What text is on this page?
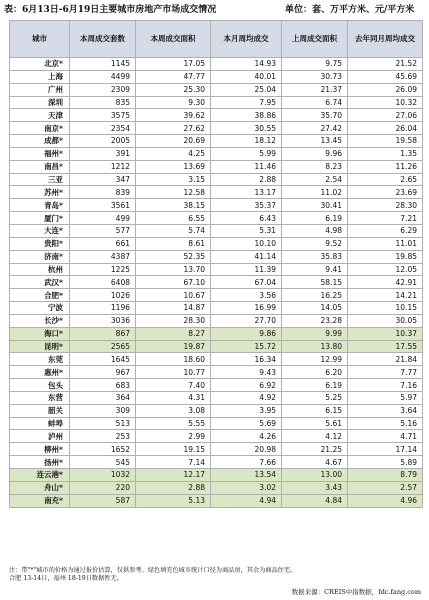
表：6月13日-6月19日主要城市房地产市场成交情况	单位：套、万平方米、元/平方米
城市	本周成交套数	本周成交面积	本月周均成交	上周成交面积	去年同月周均成交
北京*	1145	17.05	14.93	9.75	21.52
上海	4499	47.77	40.01	30.73	45.69
广州	2309	25.30	25.04	21.37	26.09
深圳	835	9.30	7.95	6.74	10.32
天津	3575	39.62	38.86	35.70	27.06
南京*	2354	27.62	30.55	27.42	26.04
成都*	2005	20.69	18.12	13.45	19.58
福州*	391	4.25	5.99	9.96	1.35
南昌*	1212	13.69	11.46	8.23	11.26
三亚	347	3.15	2.88	2.54	2.65
苏州*	839	12.58	13.17	11.02	23.69
青岛*	3561	38.15	35.37	30.41	28.30
厦门*	499	6.55	6.43	6.19	7.21
大连*	577	5.74	5.31	4.98	6.29
贵阳*	661	8.61	10.10	9.52	11.01
济南*	4387	52.35	41.14	35.83	19.85
杭州	1225	13.70	11.39	9.41	12.05
武汉*	6408	67.10	67.04	58.15	42.91
合肥*	1026	10.67	3.56	16.25	14.21
宁波	1196	14.87	16.99	14.05	10.15
长沙*	3036	28.30	27.70	23.28	30.05
海口*	867	8.27	9.86	9.99	10.37
昆明*	2565	19.87	15.72	13.80	17.55
东莞	1645	18.60	16.34	12.99	21.84
惠州*	967	10.77	9.43	6.20	7.77
包头	683	7.40	6.92	6.19	7.16
东营	364	4.31	4.92	5.25	5.97
韶关	309	3.08	3.95	6.15	3.64
蚌埠	513	5.55	5.69	5.61	5.16
泸州	253	2.99	4.26	4.12	4.71
柳州*	1652	19.15	20.98	21.25	17.14
扬州*	545	7.14	7.66	4.67	5.89
连云港*	1032	12.17	13.54	13.00	8.79
舟山*	220	2.88	3.02	3.43	2.57
南充*	587	5.13	4.94	4.84	4.96
注：带"*"城市的价格为通过报价估算，仅供参考。绿色填充色城市统计口径为商品房，其余为商品住宅。
合肥 13-14日，福州 18-19日数据暂无。
数据来源：CREIS中指数据，fdc.fang.com
